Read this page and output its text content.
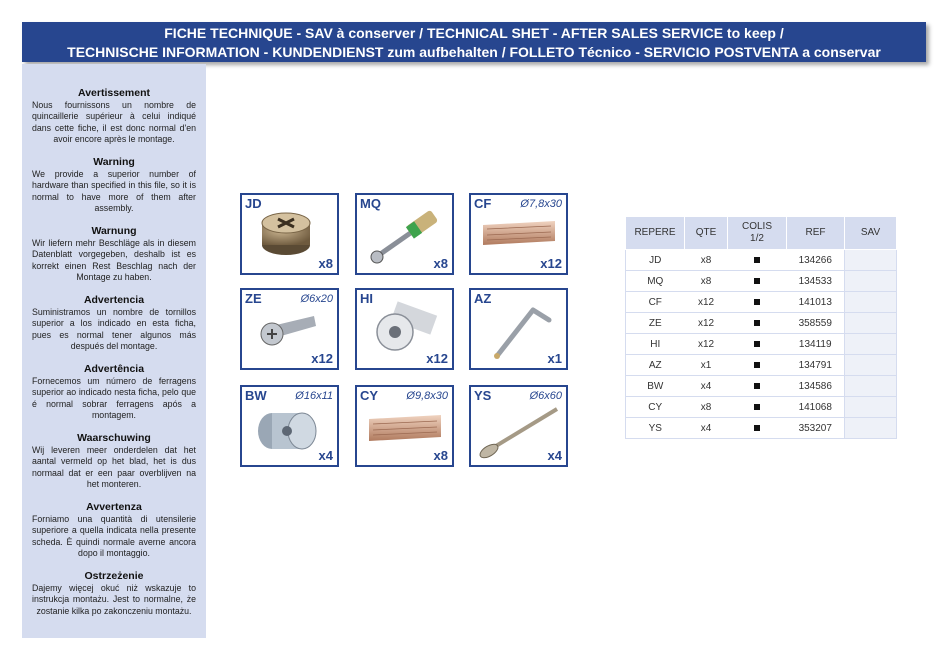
FICHE TECHNIQUE - SAV à conserver / TECHNICAL SHET - AFTER SALES SERVICE to keep /
TECHNISCHE INFORMATION - KUNDENDIENST zum aufbehalten / FOLLETO Técnico - SERVICIO POSTVENTA a conservar
Avertissement
Nous fournissons un nombre de quincaillerie supérieur à celui indiqué dans cette fiche, il est donc normal d'en avoir encore après le montage.
Warning
We provide a superior number of hardware than specified in this file, so it is normal to have more of them after assembly.
Warnung
Wir liefern mehr Beschläge als in diesem Datenblatt vorgegeben, deshalb ist es korrekt einen Rest Beschlag nach der Montage zu haben.
Advertencia
Suministramos un nombre de tornillos superior a los indicado en esta ficha, pues es normal tener algunos más después del montage.
Advertência
Fornecemos um número de ferragens superior ao indicado nesta ficha, pelo que é normal sobrar ferragens após a montagem.
Waarschuwing
Wij leveren meer onderdelen dat het aantal vermeld op het blad, het is dus normaal dat er een paar overblijven na het monteren.
Avvertenza
Forniamo una quantità di utensilerie superiore a quella indicata nella presente scheda. È quindi normale averne ancora dopo il montaggio.
Ostrzeżenie
Dajemy więcej okuć niż wskazuje to instrukcja montażu. Jest to normalne, że zostanie kilka po zakonczeniu montażu.
JD
x8
MQ
x8
CF	Ø7,8x30
x12
ZE	Ø6x20
x12
HI
x12
AZ
x1
BW	Ø16x11
x4
CY	Ø9,8x30
x8
YS	Ø6x60
x4
REPERE	QTE	COLIS 1/2	REF	SAV
JD	x8		134266	
MQ	x8		134533	
CF	x12		141013	
ZE	x12		358559	
HI	x12		134119	
AZ	x1		134791	
BW	x4		134586	
CY	x8		141068	
YS	x4		353207	
